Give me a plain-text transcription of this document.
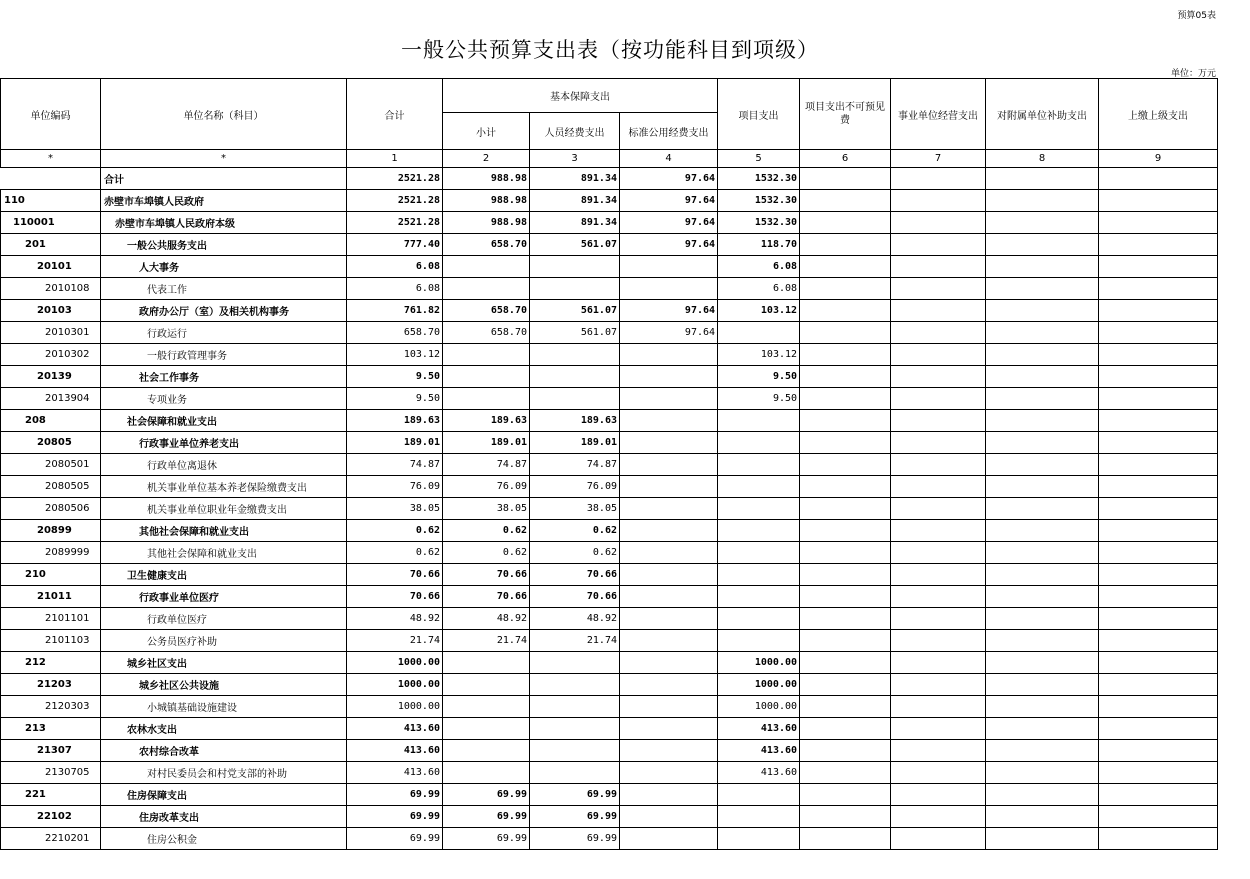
预算05表
一般公共预算支出表（按功能科目到项级）
单位：万元
单位编码	单位名称（科目）	合计	基本保障支出			项目支出	项目支出不可预见费	事业单位经营支出	对附属单位补助支出	上缴上级支出
			小计	人员经费支出	标准公用经费支出					
*	*	1	2	3	4	5	6	7	8	9
	合计	2521.28	988.98	891.34	97.64	1532.30				
110	赤壁市车埠镇人民政府	2521.28	988.98	891.34	97.64	1532.30				
110001	赤壁市车埠镇人民政府本级	2521.28	988.98	891.34	97.64	1532.30				
201	一般公共服务支出	777.40	658.70	561.07	97.64	118.70				
20101	人大事务	6.08				6.08				
2010108	代表工作	6.08				6.08				
20103	政府办公厅（室）及相关机构事务	761.82	658.70	561.07	97.64	103.12				
2010301	行政运行	658.70	658.70	561.07	97.64					
2010302	一般行政管理事务	103.12				103.12				
20139	社会工作事务	9.50				9.50				
2013904	专项业务	9.50				9.50				
208	社会保障和就业支出	189.63	189.63	189.63						
20805	行政事业单位养老支出	189.01	189.01	189.01						
2080501	行政单位离退休	74.87	74.87	74.87						
2080505	机关事业单位基本养老保险缴费支出	76.09	76.09	76.09						
2080506	机关事业单位职业年金缴费支出	38.05	38.05	38.05						
20899	其他社会保障和就业支出	0.62	0.62	0.62						
2089999	其他社会保障和就业支出	0.62	0.62	0.62						
210	卫生健康支出	70.66	70.66	70.66						
21011	行政事业单位医疗	70.66	70.66	70.66						
2101101	行政单位医疗	48.92	48.92	48.92						
2101103	公务员医疗补助	21.74	21.74	21.74						
212	城乡社区支出	1000.00				1000.00				
21203	城乡社区公共设施	1000.00				1000.00				
2120303	小城镇基础设施建设	1000.00				1000.00				
213	农林水支出	413.60				413.60				
21307	农村综合改革	413.60				413.60				
2130705	对村民委员会和村党支部的补助	413.60				413.60				
221	住房保障支出	69.99	69.99	69.99						
22102	住房改革支出	69.99	69.99	69.99						
2210201	住房公积金	69.99	69.99	69.99						
